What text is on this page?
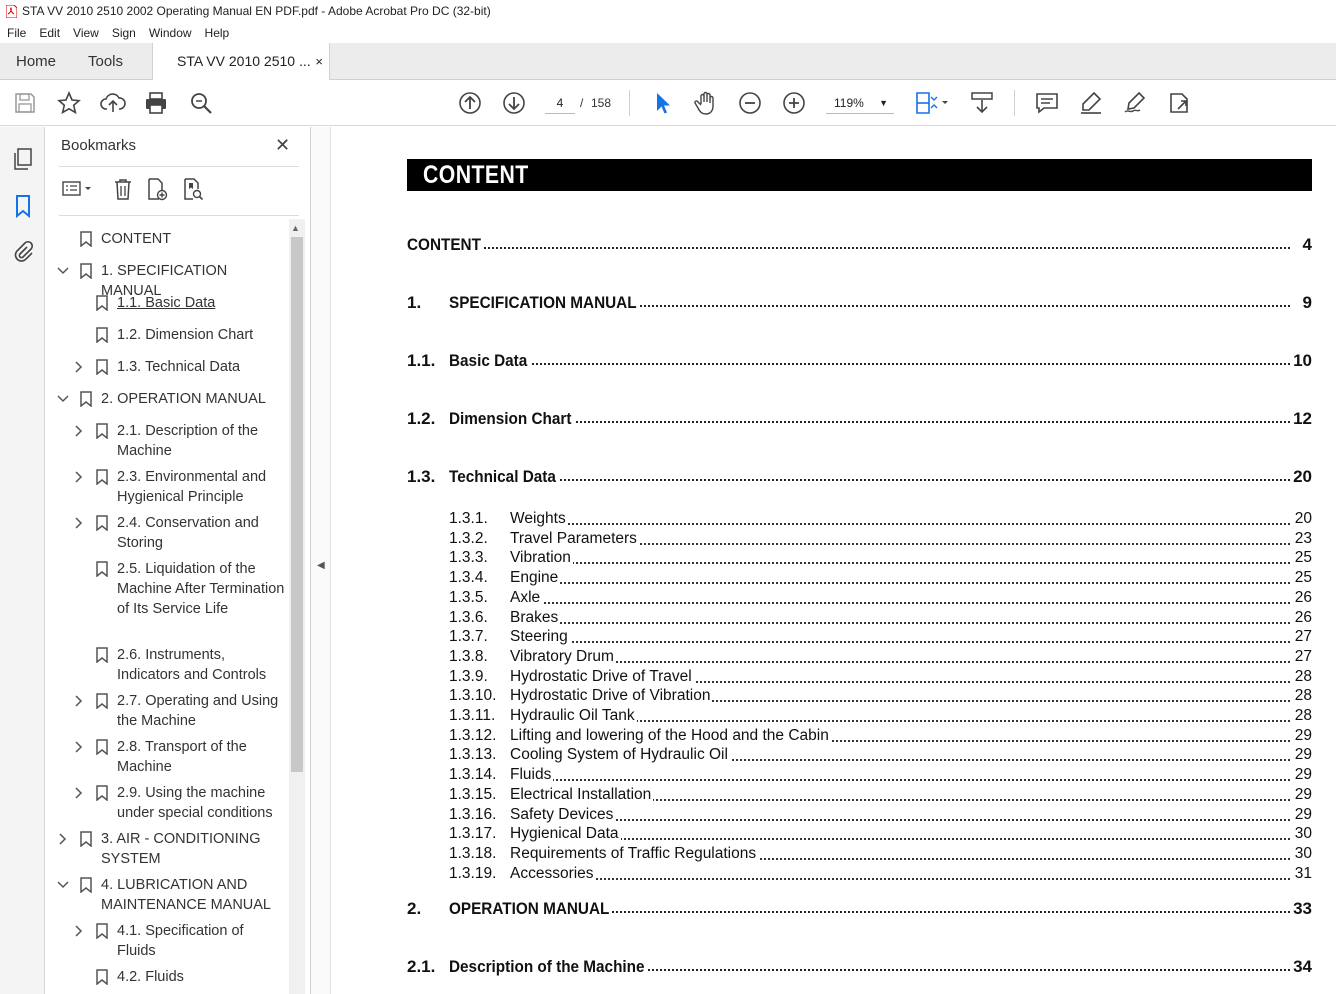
STA VV 2010 2510 2002 Operating Manual EN PDF.pdf - Adobe Acrobat Pro DC (32-bit)
File Edit View Sign Window Help
Home Tools	STA VV 2010 2510 ... ×
4	/ 158	119% ▼
Bookmarks	✕
CONTENT
1. SPECIFICATION MANUAL
1.1. Basic Data
1.2. Dimension Chart
1.3. Technical Data
2. OPERATION MANUAL
2.1. Description of the Machine
2.3. Environmental and Hygienical Principle
2.4. Conservation and Storing
2.5. Liquidation of the Machine After Termination of Its Service Life
2.6. Instruments, Indicators and Controls
2.7. Operating and Using the Machine
2.8. Transport of the Machine
2.9. Using the machine under special conditions
3. AIR - CONDITIONING SYSTEM
4. LUBRICATION AND MAINTENANCE MANUAL
4.1. Specification of Fluids
4.2. Fluids
▲
◀
CONTENT
CONTENT	4
1. SPECIFICATION MANUAL	9
1.1. Basic Data	10
1.2. Dimension Chart	12
1.3. Technical Data	20
1.3.1. Weights	20
1.3.2. Travel Parameters	23
1.3.3. Vibration	25
1.3.4. Engine	25
1.3.5. Axle	26
1.3.6. Brakes	26
1.3.7. Steering	27
1.3.8. Vibratory Drum	27
1.3.9. Hydrostatic Drive of Travel	28
1.3.10. Hydrostatic Drive of Vibration	28
1.3.11. Hydraulic Oil Tank	28
1.3.12. Lifting and lowering of the Hood and the Cabin	29
1.3.13. Cooling System of Hydraulic Oil	29
1.3.14. Fluids	29
1.3.15. Electrical Installation	29
1.3.16. Safety Devices	29
1.3.17. Hygienical Data	30
1.3.18. Requirements of Traffic Regulations	30
1.3.19. Accessories	31
2. OPERATION MANUAL	33
2.1. Description of the Machine	34
